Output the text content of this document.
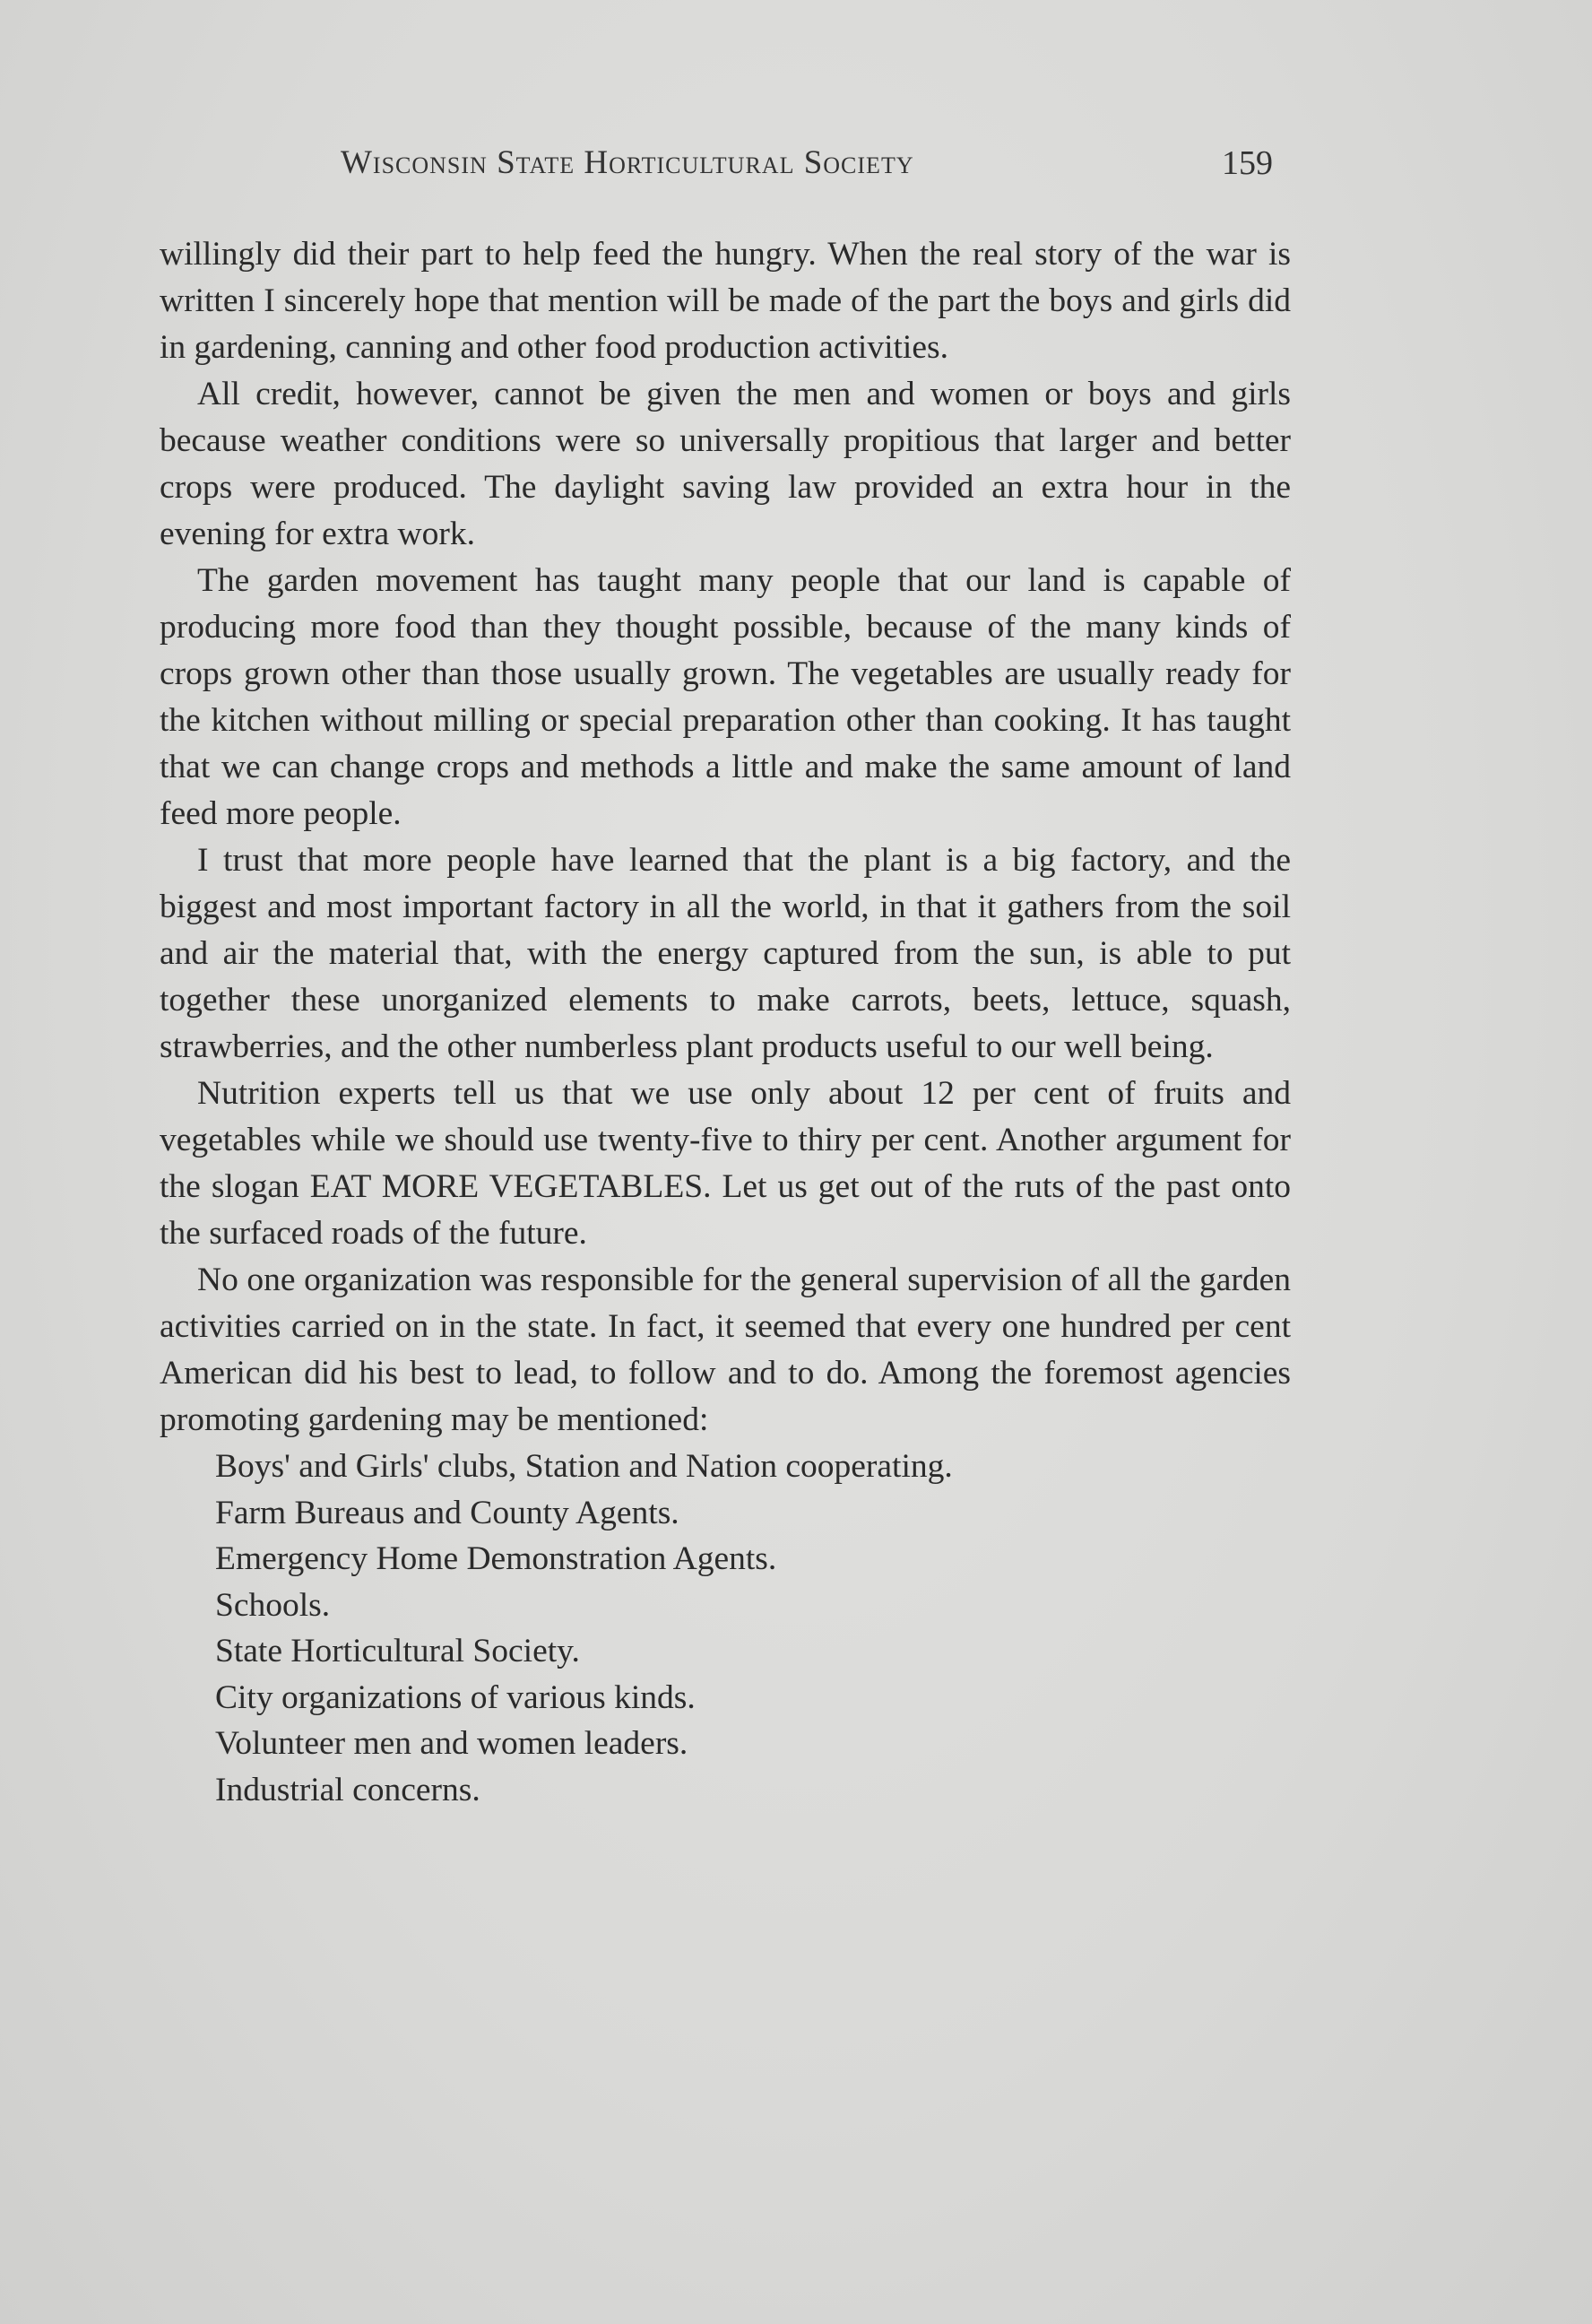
Wisconsin State Horticultural Society	159

willingly did their part to help feed the hungry. When the real story of the war is written I sincerely hope that mention will be made of the part the boys and girls did in gardening, canning and other food production activities.

All credit, however, cannot be given the men and women or boys and girls because weather conditions were so universally propitious that larger and better crops were produced. The daylight saving law provided an extra hour in the evening for extra work.

The garden movement has taught many people that our land is capable of producing more food than they thought possible, because of the many kinds of crops grown other than those usually grown. The vegetables are usually ready for the kitchen without milling or special preparation other than cooking. It has taught that we can change crops and methods a little and make the same amount of land feed more people.

I trust that more people have learned that the plant is a big factory, and the biggest and most important factory in all the world, in that it gathers from the soil and air the material that, with the energy captured from the sun, is able to put together these unorganized elements to make carrots, beets, lettuce, squash, strawberries, and the other numberless plant products useful to our well being.

Nutrition experts tell us that we use only about 12 per cent of fruits and vegetables while we should use twenty-five to thiry per cent. Another argument for the slogan EAT MORE VEGETABLES. Let us get out of the ruts of the past onto the surfaced roads of the future.

No one organization was responsible for the general supervision of all the garden activities carried on in the state. In fact, it seemed that every one hundred per cent American did his best to lead, to follow and to do. Among the foremost agencies promoting gardening may be mentioned:

Boys' and Girls' clubs, Station and Nation cooperating.
Farm Bureaus and County Agents.
Emergency Home Demonstration Agents.
Schools.
State Horticultural Society.
City organizations of various kinds.
Volunteer men and women leaders.
Industrial concerns.
